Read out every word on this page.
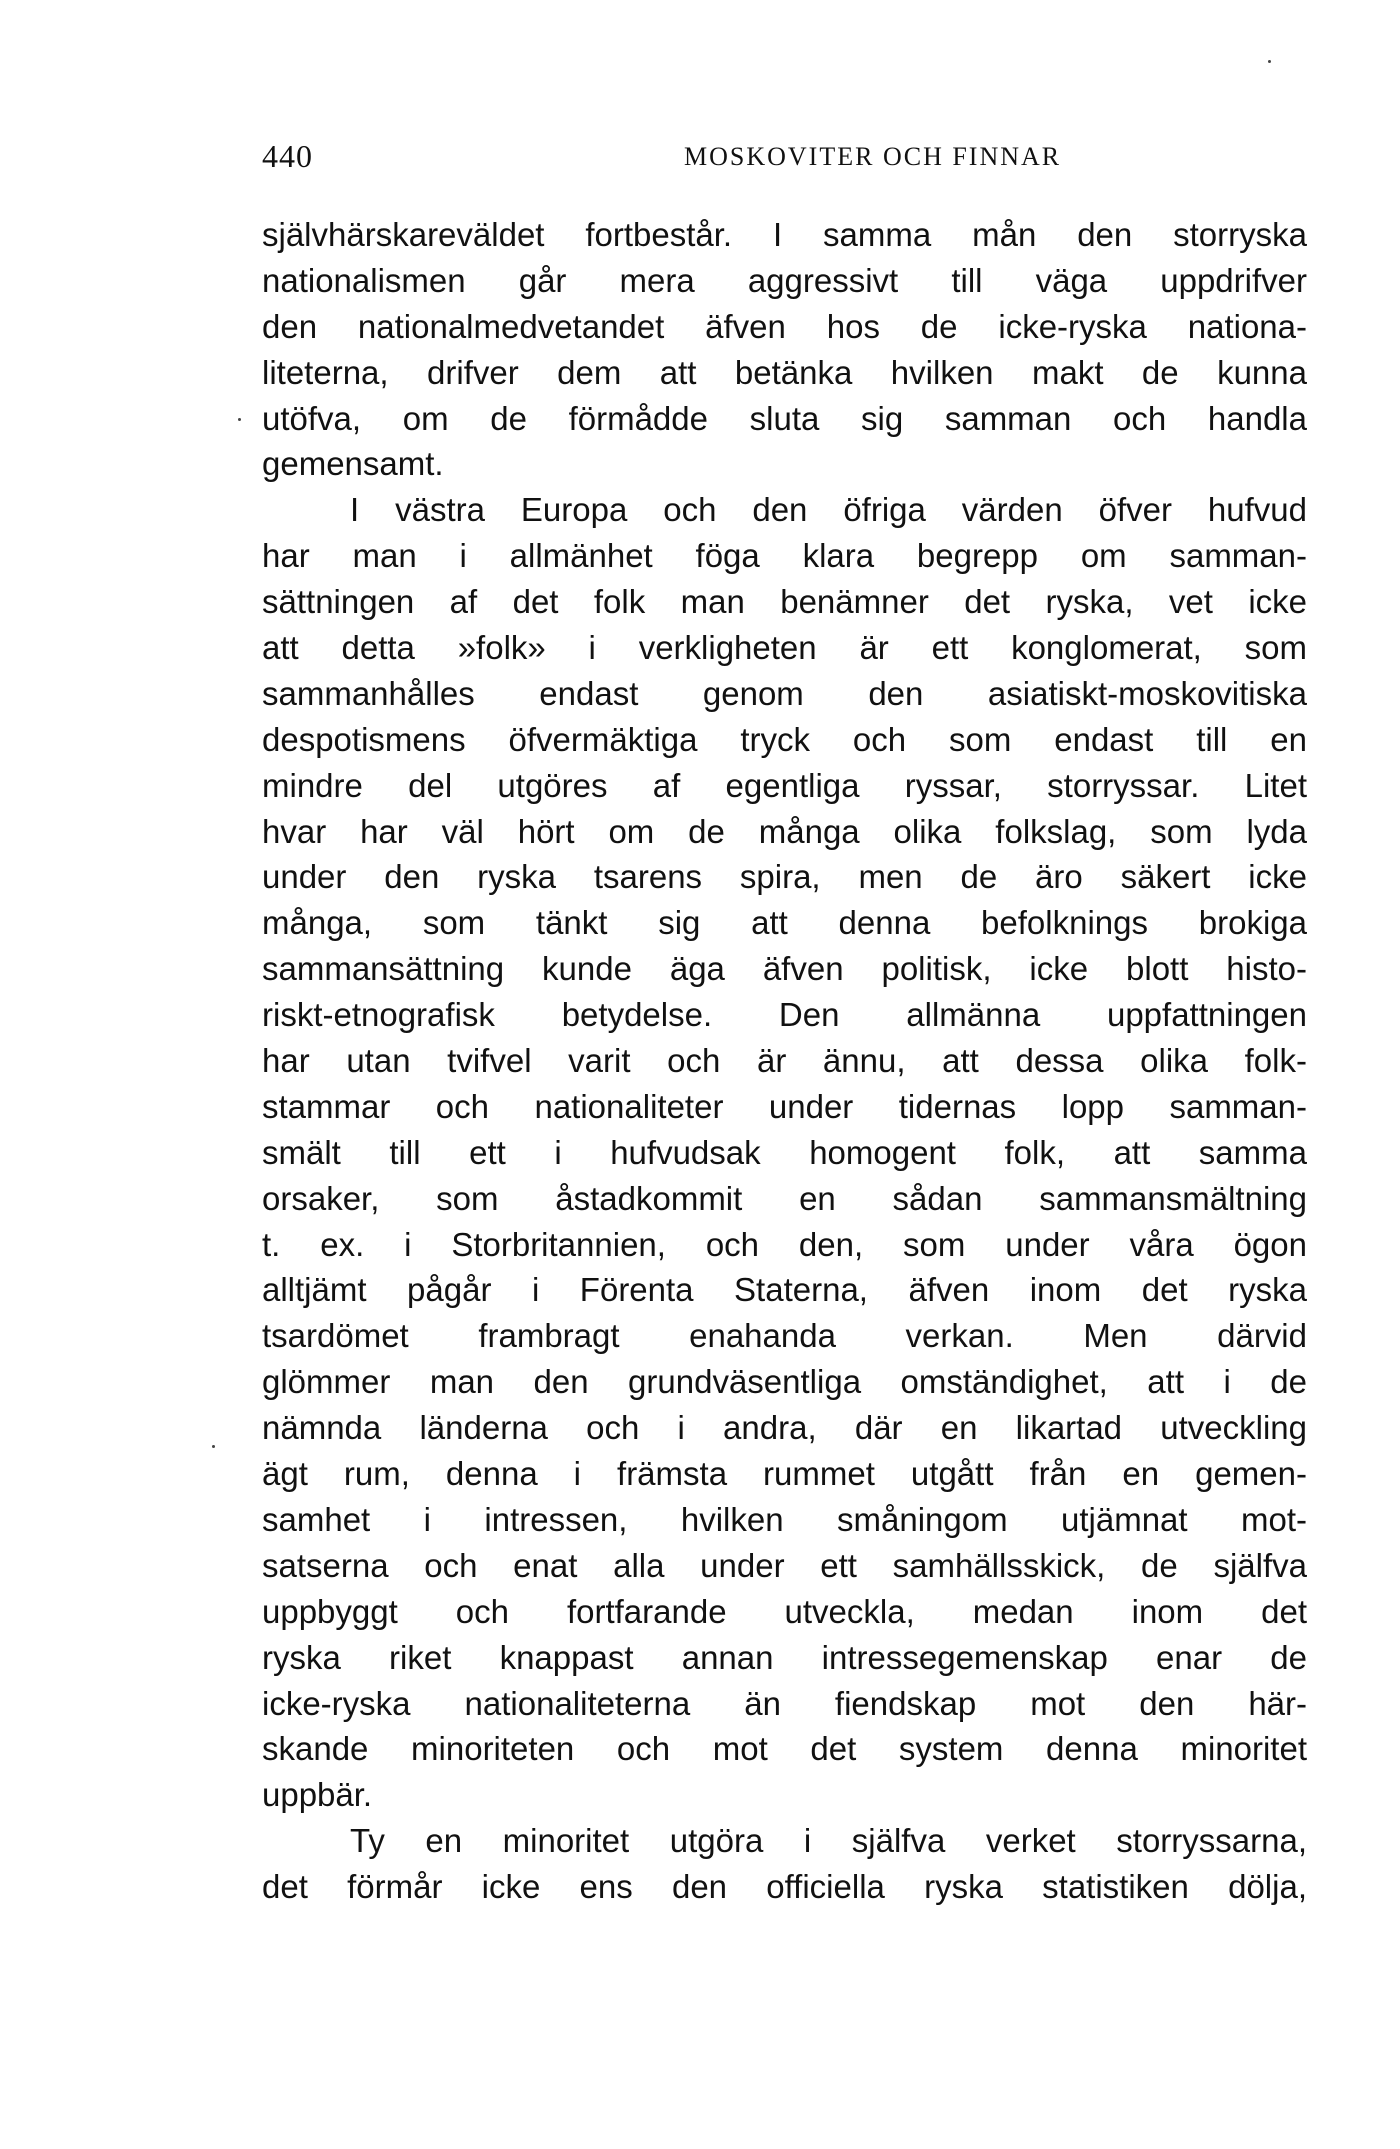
440	MOSKOVITER OCH FINNAR
självhärskareväldet fortbestår. I samma mån den storryska
nationalismen går mera aggressivt till väga uppdrifver
den nationalmedvetandet äfven hos de icke-ryska nationa-
liteterna, drifver dem att betänka hvilken makt de kunna
utöfva, om de förmådde sluta sig samman och handla
gemensamt.
I västra Europa och den öfriga värden öfver hufvud
har man i allmänhet föga klara begrepp om samman-
sättningen af det folk man benämner det ryska, vet icke
att detta »folk» i verkligheten är ett konglomerat, som
sammanhålles endast genom den asiatiskt-moskovitiska
despotismens öfvermäktiga tryck och som endast till en
mindre del utgöres af egentliga ryssar, storryssar. Litet
hvar har väl hört om de många olika folkslag, som lyda
under den ryska tsarens spira, men de äro säkert icke
många, som tänkt sig att denna befolknings brokiga
sammansättning kunde äga äfven politisk, icke blott histo-
riskt-etnografisk betydelse. Den allmänna uppfattningen
har utan tvifvel varit och är ännu, att dessa olika folk-
stammar och nationaliteter under tidernas lopp samman-
smält till ett i hufvudsak homogent folk, att samma
orsaker, som åstadkommit en sådan sammansmältning
t. ex. i Storbritannien, och den, som under våra ögon
alltjämt pågår i Förenta Staterna, äfven inom det ryska
tsardömet frambragt enahanda verkan. Men därvid
glömmer man den grundväsentliga omständighet, att i de
nämnda länderna och i andra, där en likartad utveckling
ägt rum, denna i främsta rummet utgått från en gemen-
samhet i intressen, hvilken småningom utjämnat mot-
satserna och enat alla under ett samhällsskick, de själfva
uppbyggt och fortfarande utveckla, medan inom det
ryska riket knappast annan intressegemenskap enar de
icke-ryska nationaliteterna än fiendskap mot den här-
skande minoriteten och mot det system denna minoritet
uppbär.
Ty en minoritet utgöra i själfva verket storryssarna,
det förmår icke ens den officiella ryska statistiken dölja,
